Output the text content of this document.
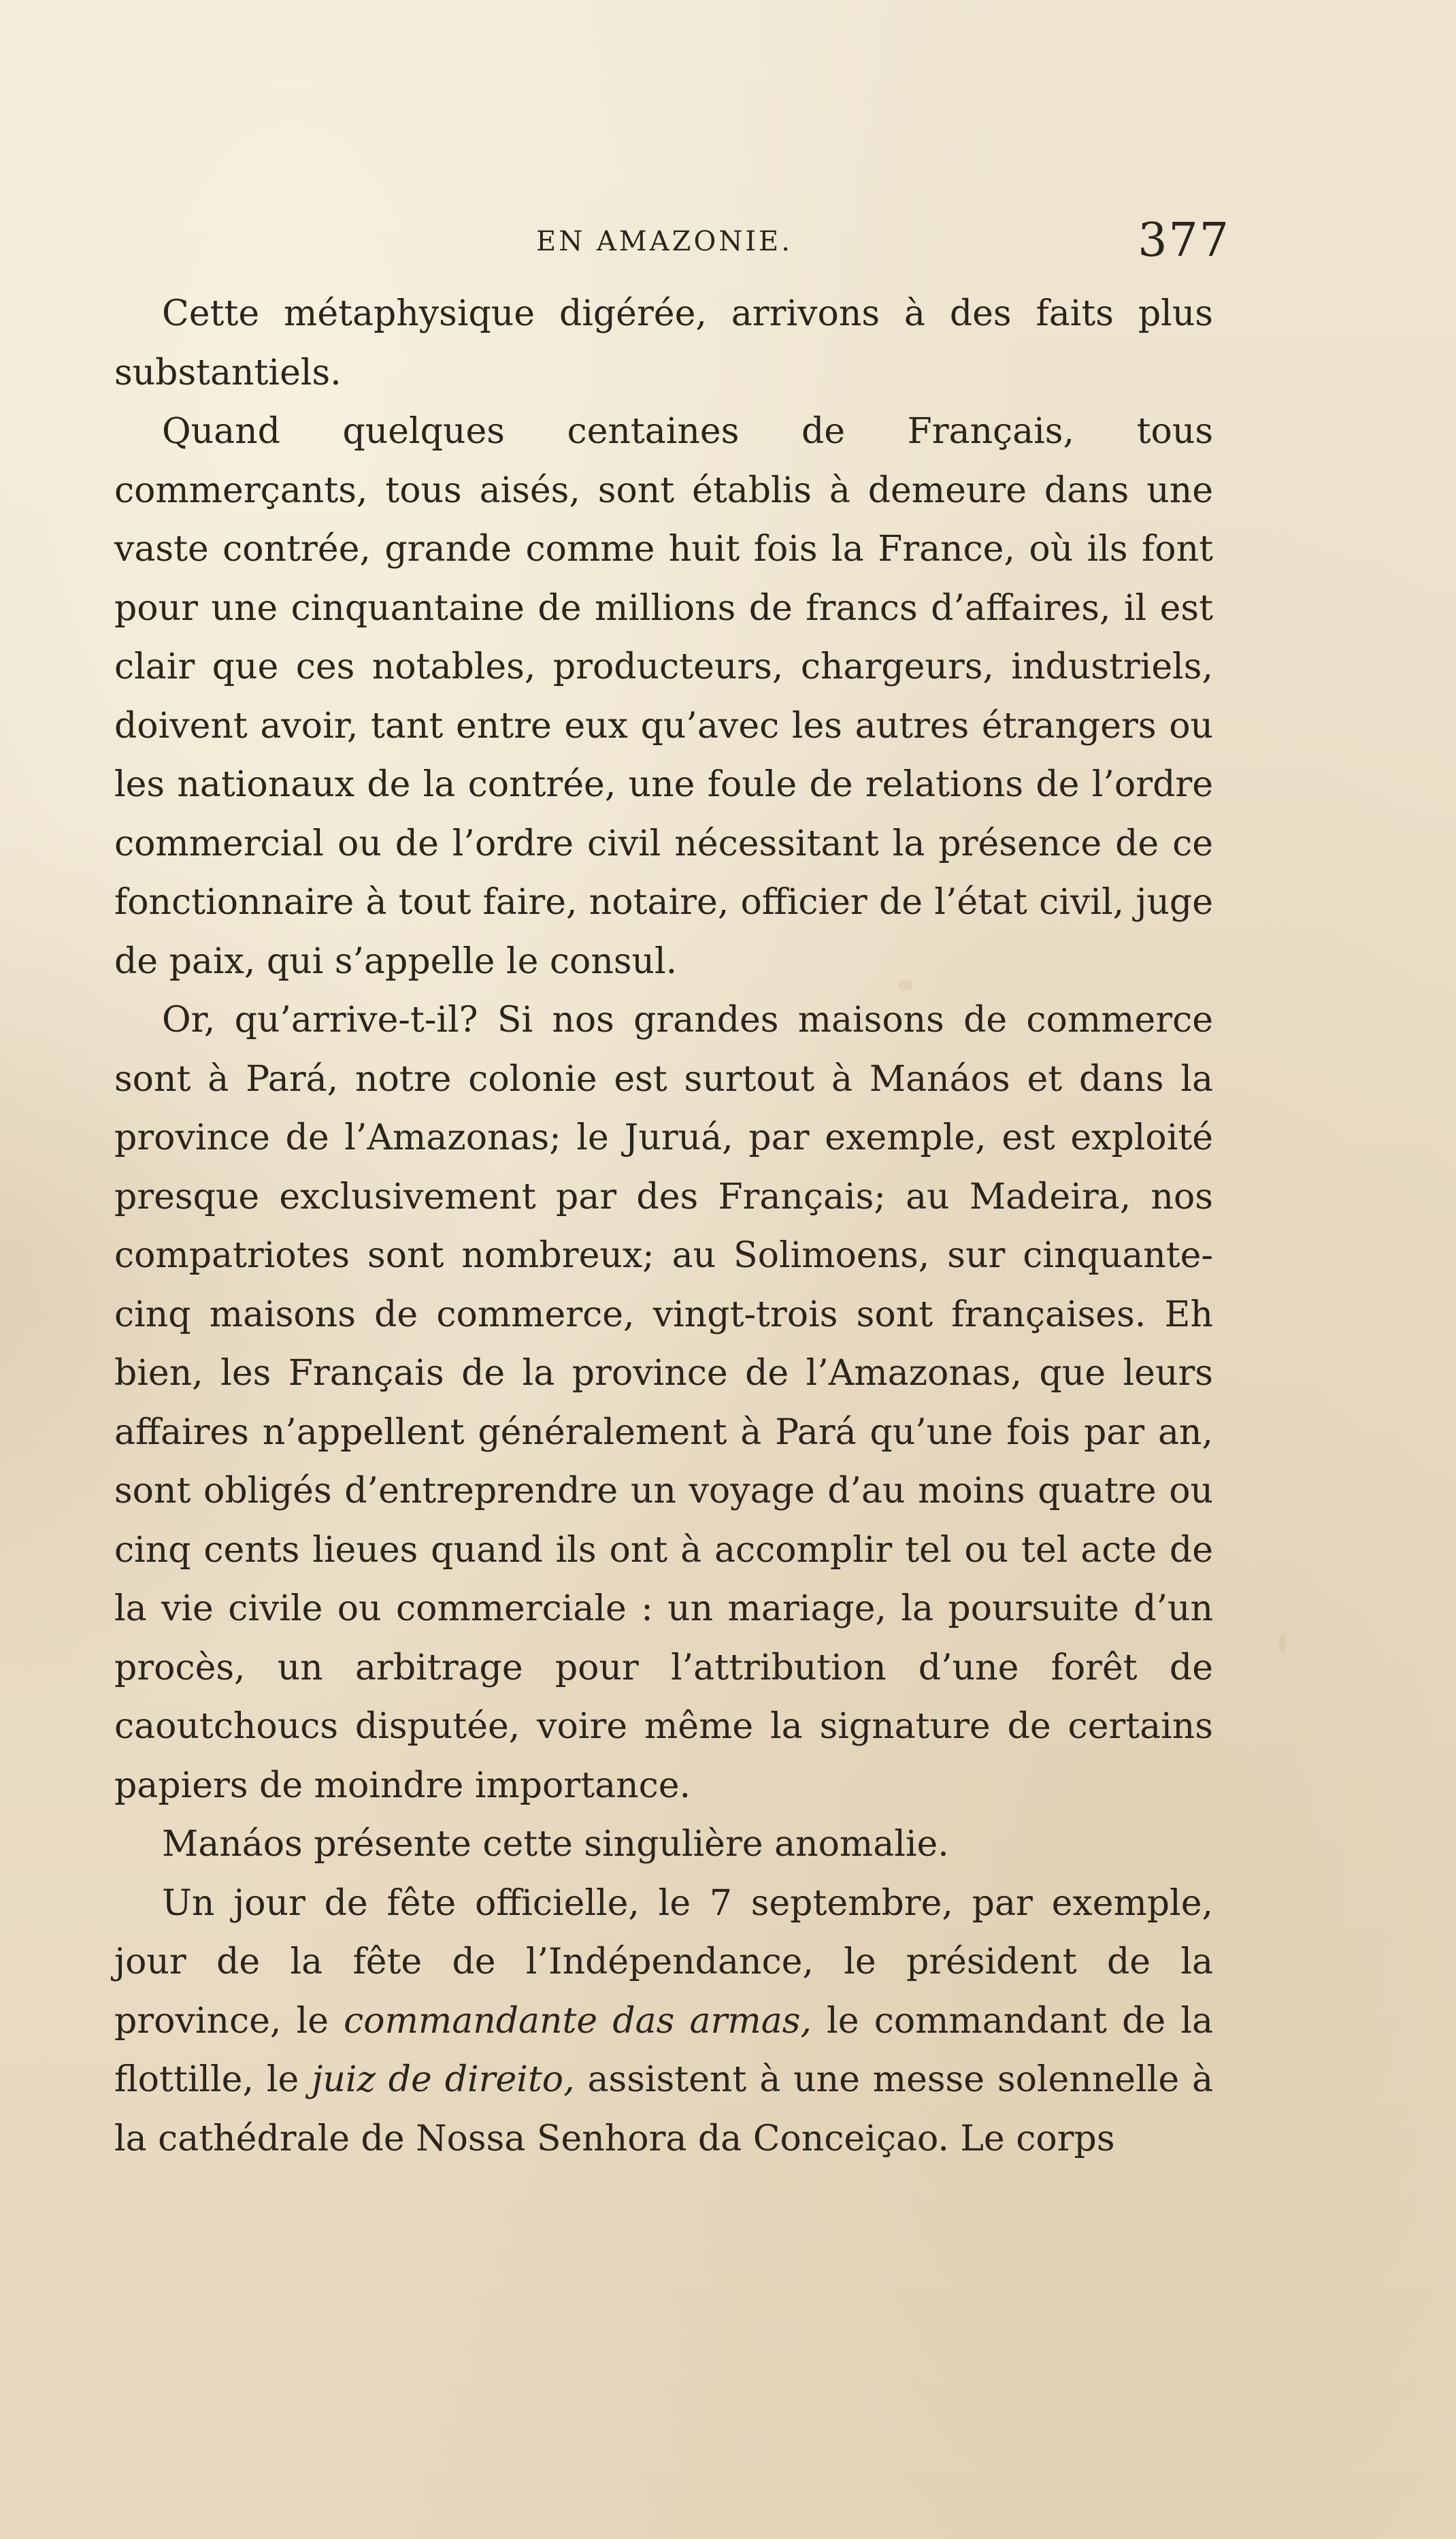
EN AMAZONIE.	377

Cette métaphysique digérée, arrivons à des faits plus substantiels.

Quand quelques centaines de Français, tous commerçants, tous aisés, sont établis à demeure dans une vaste contrée, grande comme huit fois la France, où ils font pour une cinquantaine de millions de francs d’affaires, il est clair que ces notables, producteurs, chargeurs, industriels, doivent avoir, tant entre eux qu’avec les autres étrangers ou les nationaux de la contrée, une foule de relations de l’ordre commercial ou de l’ordre civil nécessitant la présence de ce fonctionnaire à tout faire, notaire, officier de l’état civil, juge de paix, qui s’appelle le consul.

Or, qu’arrive-t-il? Si nos grandes maisons de commerce sont à Pará, notre colonie est surtout à Manáos et dans la province de l’Amazonas; le Juruá, par exemple, est exploité presque exclusivement par des Français; au Madeira, nos compatriotes sont nombreux; au Solimoens, sur cinquante-cinq maisons de commerce, vingt-trois sont françaises. Eh bien, les Français de la province de l’Amazonas, que leurs affaires n’appellent généralement à Pará qu’une fois par an, sont obligés d’entreprendre un voyage d’au moins quatre ou cinq cents lieues quand ils ont à accomplir tel ou tel acte de la vie civile ou commerciale : un mariage, la poursuite d’un procès, un arbitrage pour l’attribution d’une forêt de caoutchoucs disputée, voire même la signature de certains papiers de moindre importance.

Manáos présente cette singulière anomalie.

Un jour de fête officielle, le 7 septembre, par exemple, jour de la fête de l’Indépendance, le président de la province, le commandante das armas, le commandant de la flottille, le juiz de direito, assistent à une messe solennelle à la cathédrale de Nossa Senhora da Conceiçao. Le corps
